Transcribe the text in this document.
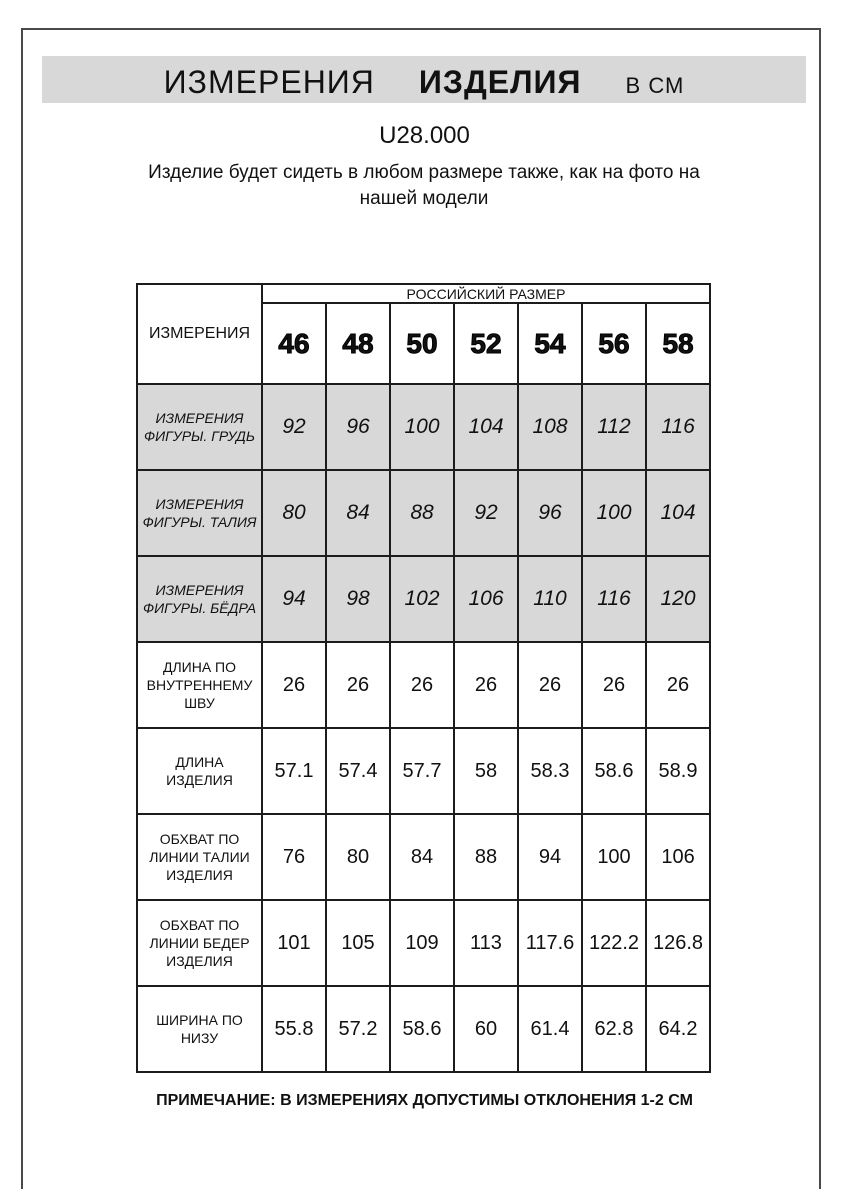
ИЗМЕРЕНИЯ ИЗДЕЛИЯ В СМ
U28.000
Изделие будет сидеть в любом размере также, как на фото на
нашей модели
ИЗМЕРЕНИЯ	РОССИЙСКИЙ РАЗМЕР						
	46	48	50	52	54	56	58
ИЗМЕРЕНИЯ ФИГУРЫ. ГРУДЬ	92	96	100	104	108	112	116
ИЗМЕРЕНИЯ ФИГУРЫ. ТАЛИЯ	80	84	88	92	96	100	104
ИЗМЕРЕНИЯ ФИГУРЫ. БЁДРА	94	98	102	106	110	116	120
ДЛИНА ПО ВНУТРЕННЕМУ ШВУ	26	26	26	26	26	26	26
ДЛИНА ИЗДЕЛИЯ	57.1	57.4	57.7	58	58.3	58.6	58.9
ОБХВАТ ПО ЛИНИИ ТАЛИИ ИЗДЕЛИЯ	76	80	84	88	94	100	106
ОБХВАТ ПО ЛИНИИ БЕДЕР ИЗДЕЛИЯ	101	105	109	113	117.6	122.2	126.8
ШИРИНА ПО НИЗУ	55.8	57.2	58.6	60	61.4	62.8	64.2
ПРИМЕЧАНИЕ: В ИЗМЕРЕНИЯХ ДОПУСТИМЫ ОТКЛОНЕНИЯ 1-2 СМ
